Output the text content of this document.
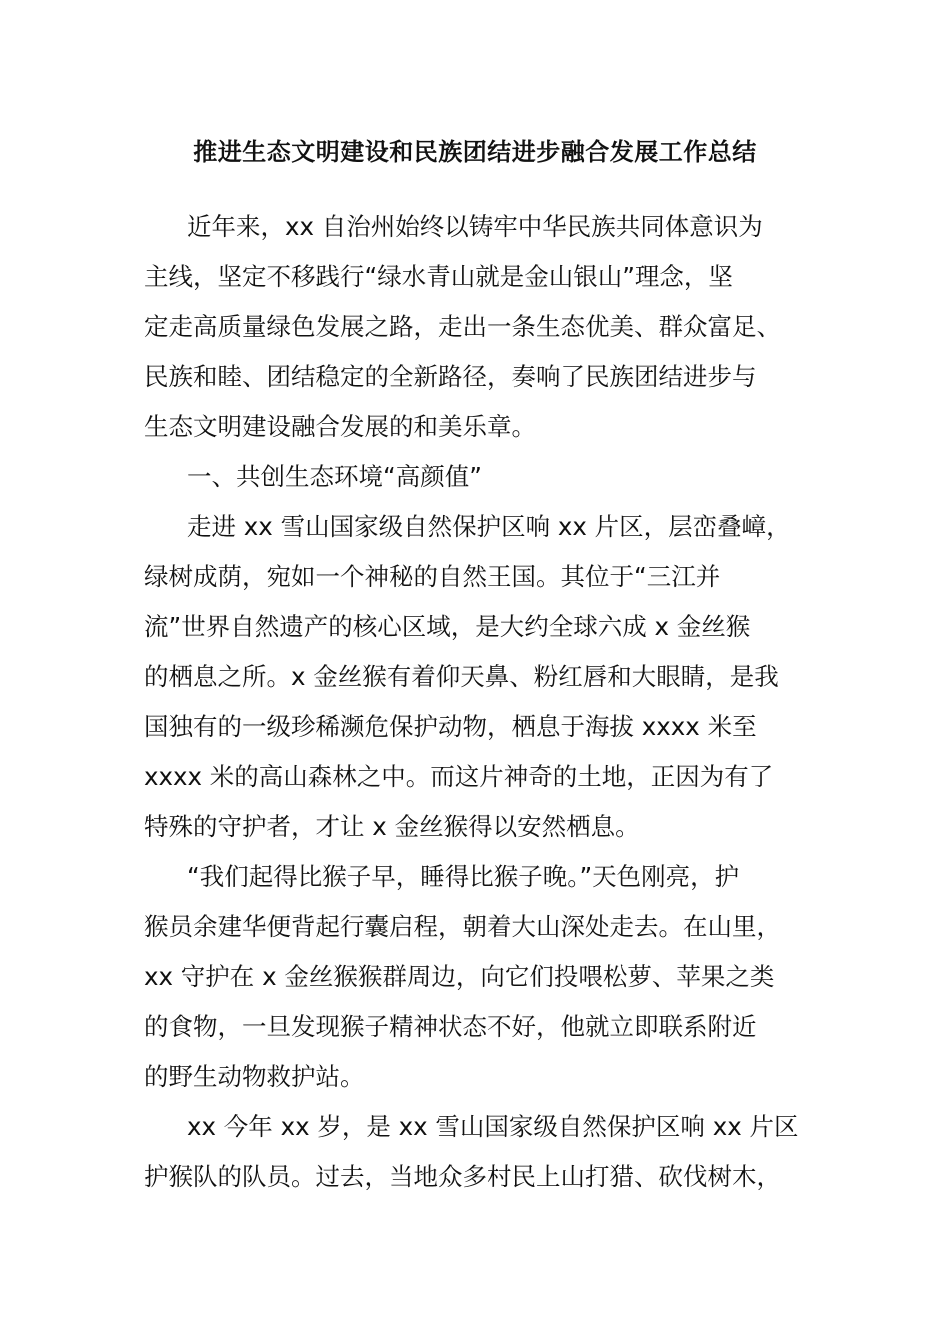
推进生态文明建设和民族团结进步融合发展工作总结
近年来，xx 自治州始终以铸牢中华民族共同体意识为
主线，坚定不移践行“绿水青山就是金山银山”理念，坚
定走高质量绿色发展之路，走出一条生态优美、群众富足、
民族和睦、团结稳定的全新路径，奏响了民族团结进步与
生态文明建设融合发展的和美乐章。
一、共创生态环境“高颜值”
走进 xx 雪山国家级自然保护区响 xx 片区，层峦叠嶂，
绿树成荫，宛如一个神秘的自然王国。其位于“三江并
流”世界自然遗产的核心区域，是大约全球六成 x 金丝猴
的栖息之所。x 金丝猴有着仰天鼻、粉红唇和大眼睛，是我
国独有的一级珍稀濒危保护动物，栖息于海拔 xxxx 米至
xxxx 米的高山森林之中。而这片神奇的土地，正因为有了
特殊的守护者，才让 x 金丝猴得以安然栖息。
“我们起得比猴子早，睡得比猴子晚。”天色刚亮，护
猴员余建华便背起行囊启程，朝着大山深处走去。在山里，
xx 守护在 x 金丝猴猴群周边，向它们投喂松萝、苹果之类
的食物，一旦发现猴子精神状态不好，他就立即联系附近
的野生动物救护站。
xx 今年 xx 岁，是 xx 雪山国家级自然保护区响 xx 片区
护猴队的队员。过去，当地众多村民上山打猎、砍伐树木，
